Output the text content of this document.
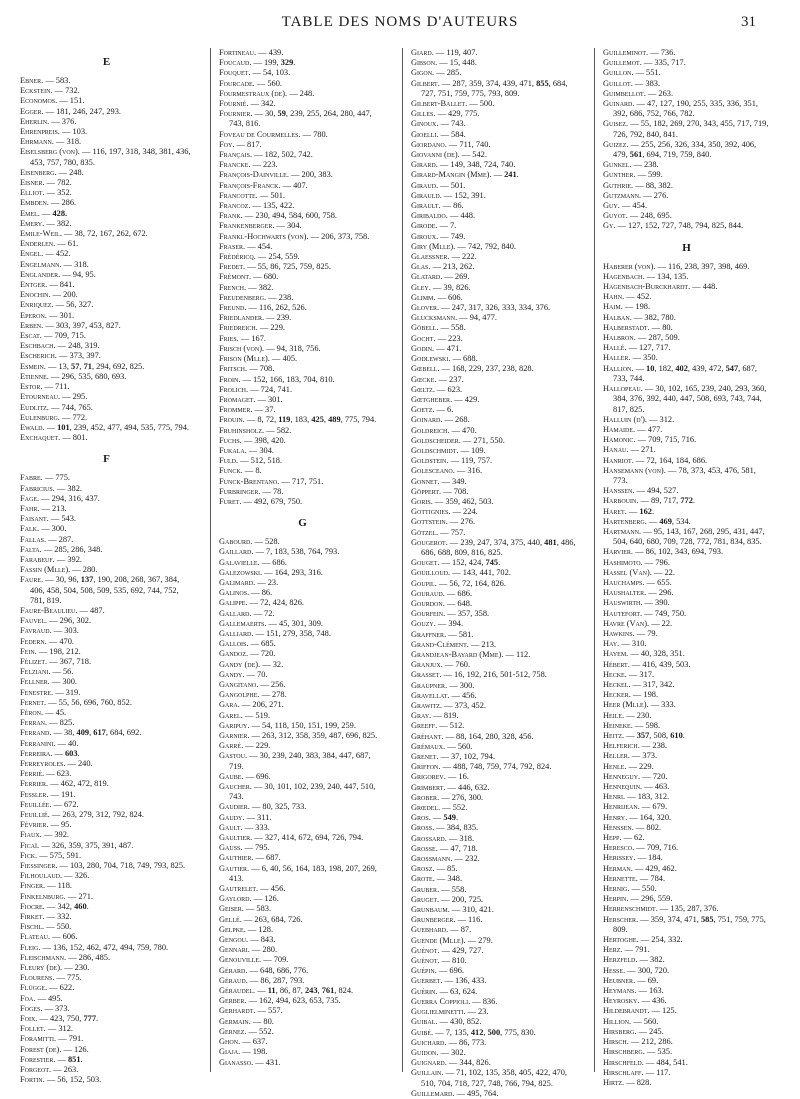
TABLE DES NOMS D'AUTEURS	31
E
Ebner. — 583.
Eckstein. — 732.
Economos. — 151.
Egger. — 181, 246, 247, 293.
Eherlin. — 376.
Ehrenpreis. — 103.
Ehrmann. — 318.
Eiselsberg (von). — 116, 197, 318, 348, 381, 436, 453, 757, 780, 835.
Eisenberg. — 248.
Eisner. — 782.
Elliot. — 352.
Embden. — 286.
Emel. — 428.
Emery. — 382.
Emile-Weil. — 38, 72, 167, 262, 672.
Enderlen. — 61.
Engel. — 452.
Engelmann. — 318.
Englander. — 94, 95.
Entger. — 841.
Enochin. — 200.
Enriquez. — 56, 327.
Eperon. — 301.
Erben. — 303, 397, 453, 827.
Escat. — 709, 715.
Eschbach. — 248, 319.
Escherich. — 373, 397.
Esmein. — 13, 57, 71, 294, 692, 825.
Etienne. — 296, 535, 680, 693.
Estor. — 711.
Etourneau. — 295.
Eudlitz. — 744, 765.
Eulenburg. — 772.
Ewald. — 101, 239, 452, 477, 494, 535, 775, 794.
Exchaquet. — 801.
F
Fabre. — 775.
Fabricius. — 382.
Fage. — 294, 316, 437.
Fahr. — 213.
Faisant. — 543.
Falk. — 300.
Fallas. — 287.
Falta. — 285, 286, 348.
Farabeuf. — 392.
Fassin (Mlle). — 280.
Faure. — 30, 96, 137, 190, 208, 268, 367, 384, 406, 458, 504, 508, 509, 535, 692, 744, 752, 781, 819.
Faure-Beaulieu. — 487.
Fauvel. — 296, 302.
Favraud. — 303.
Federn. — 470.
Fein. — 198, 212.
Félizet. — 367, 718.
Felziani. — 56.
Fellner. — 300.
Fenestre. — 319.
Fernet. — 55, 56, 696, 760, 852.
Féron. — 45.
Ferran. — 825.
Ferrand. — 38, 409, 617, 684, 692.
Ferranini. — 40.
Ferreira. — 603.
Ferreyroles. — 240.
Ferrié. — 623.
Ferrier. — 462, 472, 819.
Fessler. — 191.
Feuillée. — 672.
Feuillié. — 263, 279, 312, 792, 824.
Février. — 95.
Fiaux. — 392.
Ficaï. — 326, 359, 375, 391, 487.
Fick. — 575, 591.
Fiessinger. — 103, 280, 704, 718, 749, 793, 825.
Filhoulaud. — 326.
Finger. — 118.
Finkelnburg. — 271.
Fiocre. — 342, 460.
Firket. — 332.
Fischl. — 550.
Flateau. — 606.
Fleig. — 136, 152, 462, 472, 494, 759, 780.
Fleischmann. — 286, 485.
Fleury (de). — 230.
Flourens. — 775.
Flügge. — 622.
Foa. — 495.
Foges. — 373.
Foix. — 423, 750, 777.
Follet. — 312.
Foramitti. — 791.
Forest (de). — 126.
Forestier. — 851.
Forgeot. — 263.
Fortin. — 56, 152, 503.
Fortineau. — 439.
Foucaud. — 199, 329.
Fouquet. — 54, 103.
Fourcade. — 560.
Fourmestraux (de). — 248.
Fournié. — 342.
Fournier. — 30, 59, 239, 255, 264, 280, 447, 743, 816.
Foveau de Courmelles. — 780.
Foy. — 817.
Français. — 182, 502, 742.
Francke. — 223.
François-Dainville. — 200, 383.
François-Franck. — 407.
Francotte. — 501.
Francoz. — 135, 422.
Frank. — 230, 494, 584, 600, 758.
Frankenberger. — 304.
Frankl-Hochwarts (von). — 206, 373, 758.
Fraser. — 454.
Frédéricq. — 254, 559.
Fredet. — 55, 86, 725, 759, 825.
Frémont. — 680.
French. — 382.
Freudenberg. — 238.
Freund. — 116, 262, 526.
Friedlander. — 239.
Friedreich. — 229.
Fries. — 167.
Frisch (von). — 94, 318, 756.
Frison (Mlle). — 405.
Fritsch. — 708.
Froin. — 152, 166, 183, 704, 810.
Frolich. — 724, 741.
Fromaget. — 301.
Frommer. — 37.
Frouin. — 8, 72, 119, 183, 425, 489, 775, 794.
Fruhinsholz. — 582.
Fuchs. — 398, 420.
Fukala. — 304.
Fuld. — 512, 518.
Funck. — 8.
Funck-Brentano. — 717, 751.
Furbringer. — 78.
Furet. — 492, 679, 750.
G
Gabourd. — 528.
Gaillard. — 7, 183, 538, 764, 793.
Galavielle. — 686.
Galezowski. — 164, 293, 316.
Galimard. — 23.
Galinos. — 86.
Galippe. — 72, 424, 826.
Gallard. — 72.
Gallemaerts. — 45, 301, 309.
Galliard. — 151, 279, 358, 748.
Gallois. — 685.
Gandoz. — 720.
Gandy (de). — 32.
Gandy. — 70.
Gangitano. — 256.
Gangolphe. — 278.
Gara. — 206, 271.
Garel. — 519.
Garipuy. — 54, 118, 150, 151, 199, 259.
Garnier. — 263, 312, 358, 359, 487, 696, 825.
Garré. — 229.
Gastou. — 30, 239, 240, 383, 384, 447, 687, 719.
Gaube. — 696.
Gaucher. — 30, 101, 102, 239, 240, 447, 510, 743.
Gaudier. — 80, 325, 733.
Gaudy. — 311.
Gault. — 333.
Gaultier. — 327, 414, 672, 694, 726, 794.
Gauss. — 795.
Gauthier. — 687.
Gautier. — 6, 40, 56, 164, 183, 198, 207, 269, 413.
Gautrelet. — 456.
Gaylord. — 126.
Geiser. — 583.
Gellé. — 263, 684, 726.
Gelpke. — 128.
Gengou. — 843.
Gennari. — 280.
Genouville. — 709.
Gérard. — 648, 686, 776.
Géraud. — 86, 287, 793.
Géraudel. — 11, 86, 87, 243, 761, 824.
Gerber. — 162, 494, 623, 653, 735.
Gerhardt. — 557.
Germain. — 80.
Gernez. — 552.
Ghon. — 637.
Giaja. — 198.
Gianasso. — 431.
Giard. — 119, 407.
Gibson. — 15, 448.
Gigon. — 285.
Gilbert. — 287, 359, 374, 439, 471, 855, 684, 727, 751, 759, 775, 793, 809.
Gilbert-Ballet. — 500.
Gilles. — 429, 775.
Ginoux. — 743.
Gioelli. — 584.
Giordano. — 711, 740.
Giovanni (de). — 542.
Girard. — 149, 348, 724, 740.
Girard-Mangin (Mme). — 241.
Giraud. — 501.
Girauld. — 152, 391.
Girault. — 86.
Giribaldo. — 448.
Girode. — 7.
Giroux. — 749.
Giry (Mlle). — 742, 792, 840.
Glaessner. — 222.
Glas. — 213, 262.
Glatard. — 269.
Gley. — 39, 826.
Glimm. — 606.
Glover. — 247, 317, 326, 333, 334, 376.
Glucksmann. — 94, 477.
Göbell. — 558.
Gocht. — 223.
Godin. — 471.
Godlewski. — 688.
Gœbell. — 168, 229, 237, 238, 828.
Gœcke. — 237.
Gœltz. — 623.
Gœtgheber. — 429.
Goetz. — 6.
Goinard. — 268.
Goldreich. — 470.
Goldscheider. — 271, 550.
Goldschmidt. — 109.
Goldstein. — 119, 757.
Golesceano. — 316.
Gonnet. — 349.
Göppert. — 708.
Goris. — 359, 462, 503.
Gottignies. — 224.
Gottstein. — 276.
Götzel. — 757.
Gougerot. — 239, 247, 374, 375, 440, 481, 486, 686, 688, 809, 816, 825.
Gouget. — 152, 424, 745.
Gouilloud. — 143, 441, 702.
Goupil. — 56, 72, 164, 826.
Gouraud. — 686.
Gourdon. — 648.
Gourfein. — 357, 358.
Gouzy. — 394.
Graffner. — 581.
Grand-Clément. — 213.
Grandjean-Bayard (Mme). — 112.
Granjux. — 760.
Grasset. — 16, 192, 216, 501-512, 758.
Graupner. — 300.
Gravellat. — 456.
Grawitz. — 373, 452.
Gray. — 819.
Greeff. — 512.
Gréhant. — 88, 164, 280, 328, 456.
Grémaux. — 560.
Grenet. — 37, 102, 794.
Griffon. — 488, 748, 759, 774, 792, 824.
Grigorev. — 16.
Grimbert. — 446, 632.
Grober. — 276, 300.
Grœdel. — 552.
Gros. — 549.
Gross. — 384, 835.
Grossard. — 318.
Grosse. — 47, 718.
Grossmann. — 232.
Grosz. — 85.
Grote. — 348.
Gruber. — 558.
Gruget. — 200, 725.
Grunbaum. — 310, 421.
Grunberger. — 116.
Guebhard. — 87.
Guende (Mlle). — 279.
Guénot. — 429, 727.
Guénot. — 810.
Guépin. — 696.
Guerbet. — 136, 433.
Guérin. — 63, 624.
Guerra Coppioli. — 836.
Guglielminetti. — 23.
Guibal. — 430, 852.
Guibé. — 7, 135, 412, 500, 775, 830.
Guichard. — 86, 773.
Guidon. — 302.
Guignard. — 344, 826.
Guillain. — 71, 102, 135, 358, 405, 422, 470, 510, 704, 718, 727, 748, 766, 794, 825.
Guillemard. — 495, 764.
Guilleminot. — 736.
Guillemot. — 335, 717.
Guillon. — 551.
Guillot. — 383.
Guimbellot. — 263.
Guinard. — 47, 127, 190, 255, 335, 336, 351, 392, 686, 752, 766, 782.
Guisez. — 55, 182, 269, 270, 343, 455, 717, 719, 726, 792, 840, 841.
Guizez. — 255, 256, 326, 334, 350, 392, 406, 479, 561, 694, 719, 759, 840.
Gunkel. — 238.
Gunther. — 599.
Guthrie. — 88, 382.
Gutzmann. — 276.
Guy. — 454.
Guyot. — 248, 695.
Gy. — 127, 152, 727, 748, 794, 825, 844.
H
Haberer (von). — 116, 238, 397, 398, 469.
Hagenbach. — 134, 135.
Hagenbach-Burckhardt. — 448.
Hahn. — 452.
Haim. — 198.
Halban. — 382, 780.
Halberstadt. — 80.
Halbron. — 287, 509.
Hallé. — 127, 717.
Haller. — 350.
Hallion. — 10, 182, 402, 439, 472, 547, 687, 733, 744.
Hallopeau. — 30, 102, 165, 239, 240, 293, 360, 384, 376, 392, 440, 447, 508, 693, 743, 744, 817, 825.
Halluin (d'). — 312.
Hamaide. — 477.
Hamonic. — 709, 715, 716.
Hanau. — 271.
Hanriot. — 72, 164, 184, 686.
Hansemann (von). — 78, 373, 453, 476, 581, 773.
Hanssen. — 494, 527.
Harbouin. — 89, 717, 772.
Haret. — 162.
Hartenberg. — 469, 534.
Hartmann. — 95, 143, 167, 268, 295, 431, 447, 504, 640, 680, 709, 728, 772, 781, 834, 835.
Harvier. — 86, 102, 343, 694, 793.
Hashimoto. — 796.
Hassel (Van). — 22.
Hauchamps. — 655.
Haushalter. — 296.
Hauswirth. — 390.
Hautefort. — 749, 750.
Havre (Van). — 22.
Hawkins. — 79.
Hay. — 310.
Hayem. — 40, 328, 351.
Hébert. — 416, 439, 503.
Hecke. — 317.
Heckel. — 317, 342.
Hecker. — 198.
Heer (Mlle). — 333.
Heile. — 230.
Heineke. — 598.
Heitz. — 357, 508, 610.
Helferich. — 238.
Heller. — 373.
Henle. — 229.
Henneguy. — 720.
Hennequin. — 463.
Henri. — 183, 312.
Henrijean. — 679.
Henry. — 164, 320.
Henssen. — 802.
Hepp. — 62.
Heresco. — 709, 716.
Herissey. — 184.
Herman. — 429, 462.
Hernette. — 784.
Hernig. — 550.
Herpin. — 296, 559.
Herrenschmidt. — 135, 287, 376.
Herscher. — 359, 374, 471, 585, 751, 759, 775, 809.
Hertoghe. — 254, 332.
Herz. — 791.
Herzfeld. — 382.
Hesse. — 300, 720.
Heubner. — 69.
Heymans. — 163.
Heyrosky. — 436.
Hildebrandt. — 125.
Hillion. — 560.
Hirsberg. — 245.
Hirsch. — 212, 286.
Hirschberg. — 535.
Hirschfeld. — 484, 541.
Hirschlaff. — 117.
Hirtz. — 828.
